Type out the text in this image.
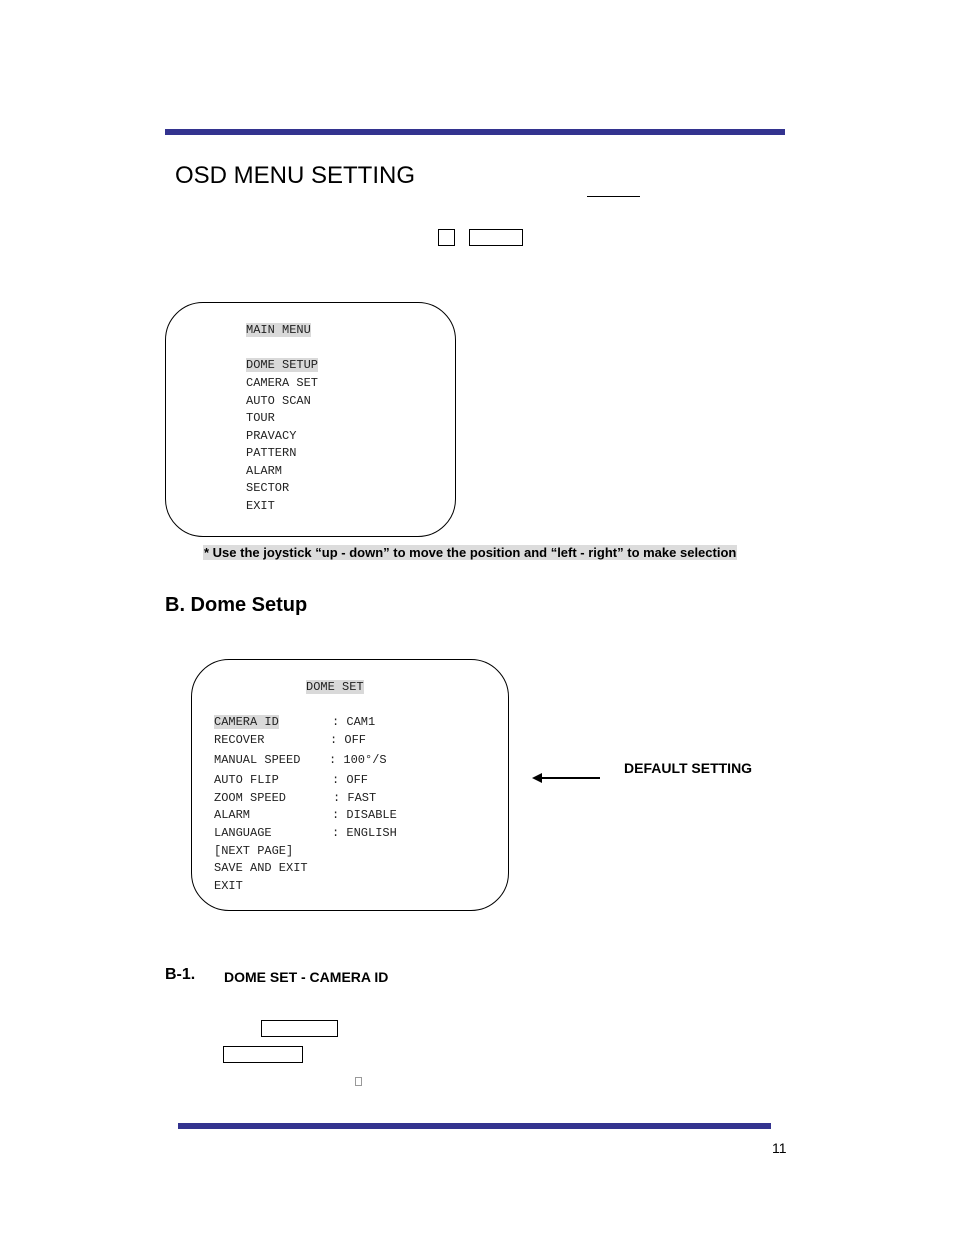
OSD MENU SETTING
MAIN MENU
DOME SETUP
CAMERA SET
AUTO SCAN
TOUR
PRAVACY
PATTERN
ALARM
SECTOR
EXIT
* Use the joystick “up - down” to move the position and “left - right” to make selection
B. Dome Setup
DOME SET
CAMERA ID	: CAM1
RECOVER	: OFF
MANUAL SPEED : 100°/S
AUTO FLIP	: OFF
ZOOM SPEED	: FAST
ALARM	: DISABLE
LANGUAGE	: ENGLISH
[NEXT PAGE]
SAVE AND EXIT
EXIT
DEFAULT SETTING
B-1. DOME SET - CAMERA ID
11
